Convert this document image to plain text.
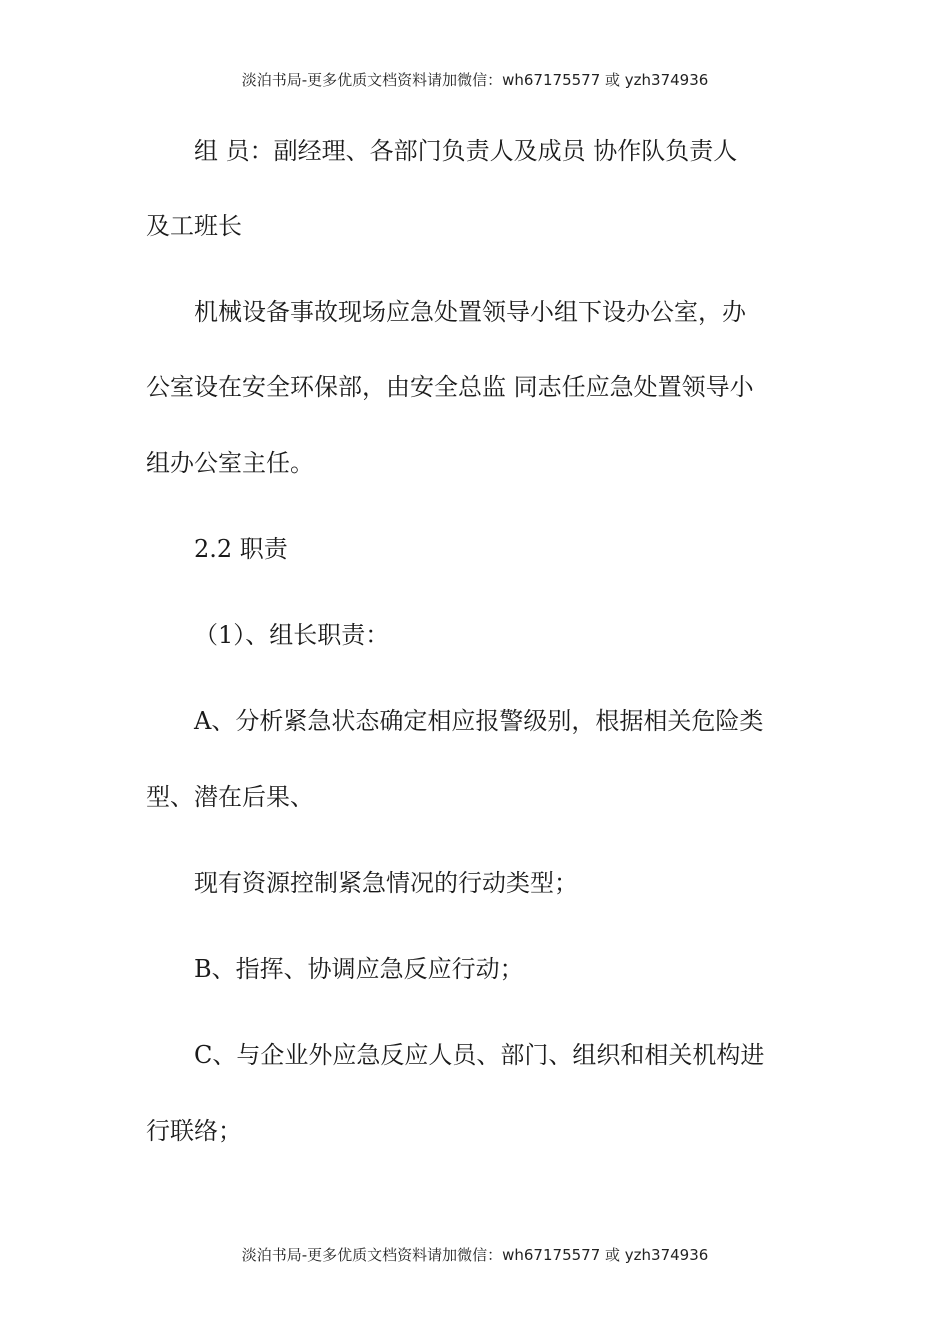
淡泊书局-更多优质文档资料请加微信：wh67175577 或 yzh374936
组 员：副经理、各部门负责人及成员 协作队负责人
及工班长
机械设备事故现场应急处置领导小组下设办公室，办
公室设在安全环保部，由安全总监 同志任应急处置领导小
组办公室主任。
2.2 职责
（1）、组长职责：
A、分析紧急状态确定相应报警级别，根据相关危险类
型、潜在后果、
现有资源控制紧急情况的行动类型；
B、指挥、协调应急反应行动；
C、与企业外应急反应人员、部门、组织和相关机构进
行联络；
淡泊书局-更多优质文档资料请加微信：wh67175577 或 yzh374936
